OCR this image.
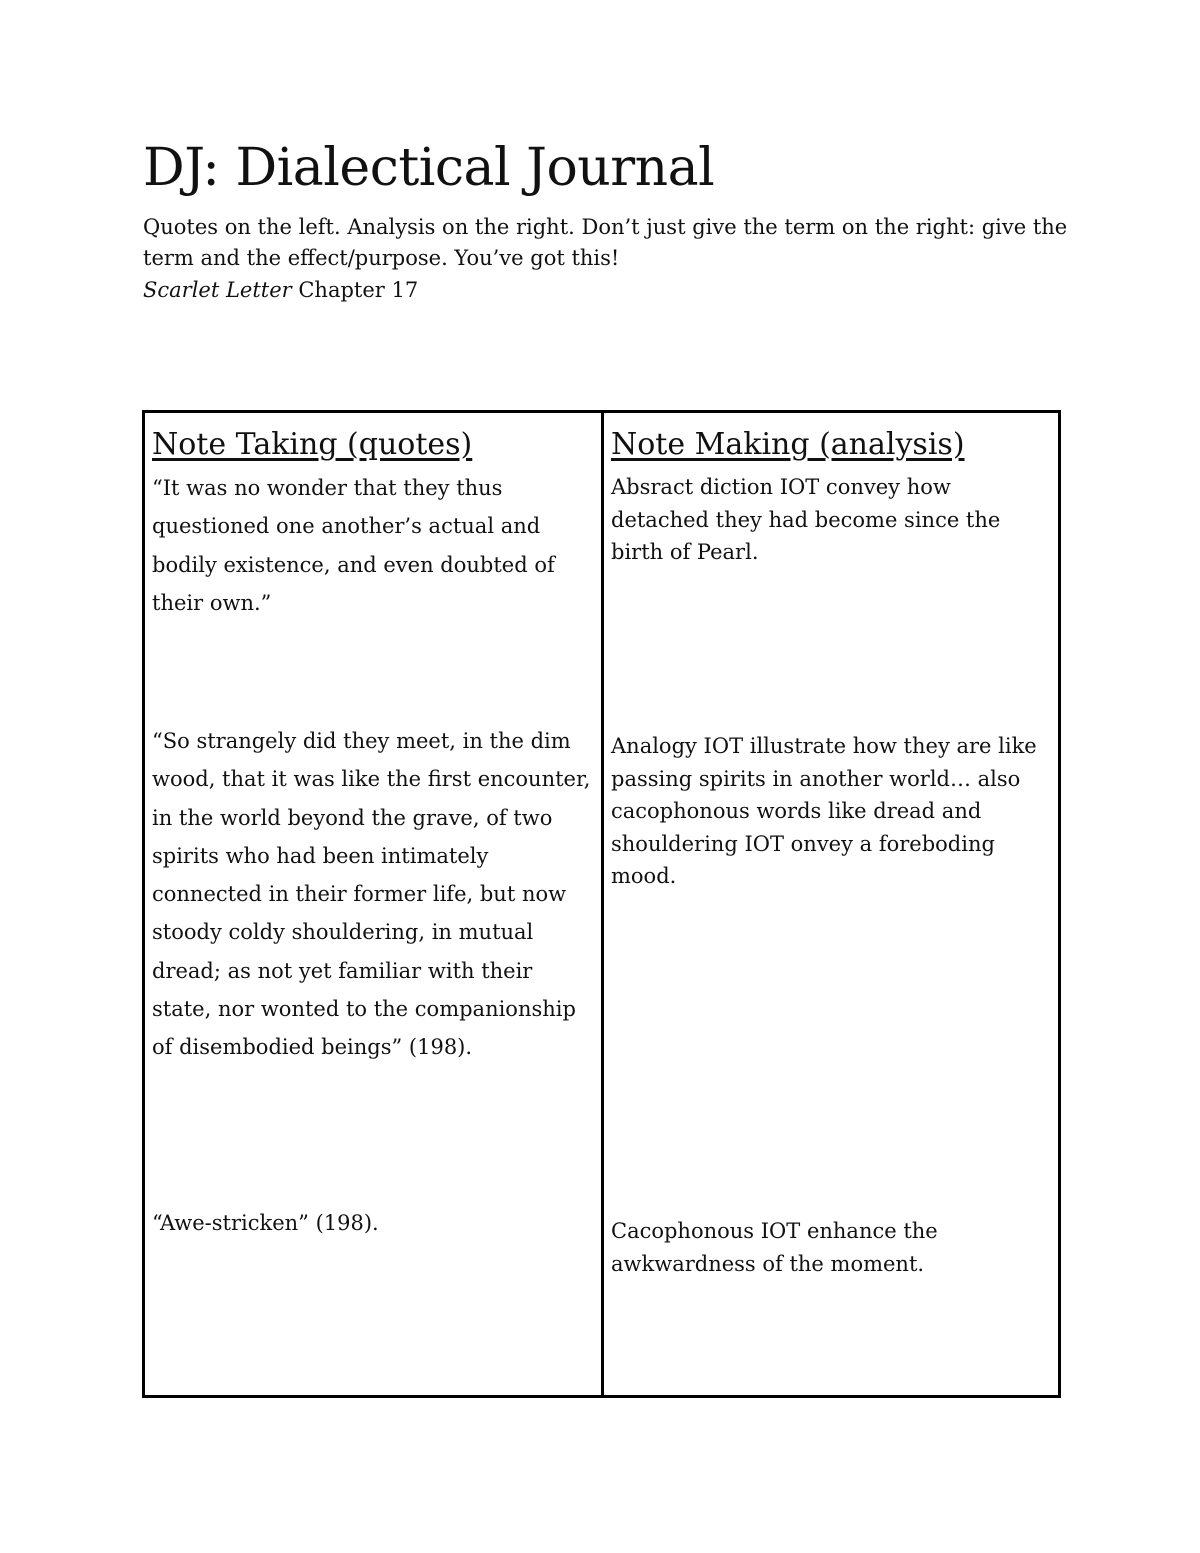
DJ: Dialectical Journal

Quotes on the left. Analysis on the right. Don’t just give the term on the right: give the term and the effect/purpose. You’ve got this!

Scarlet Letter Chapter 17
Note Taking (quotes)

“It was no wonder that they thus questioned one another’s actual and bodily existence, and even doubted of their own.”

“So strangely did they meet, in the dim wood, that it was like the first encounter, in the world beyond the grave, of two spirits who had been intimately connected in their former life, but now stoody coldy shouldering, in mutual dread; as not yet familiar with their state, nor wonted to the companionship of disembodied beings” (198).

“Awe-stricken” (198).

Note Making (analysis)

Absract diction IOT convey how detached they had become since the birth of Pearl.

Analogy IOT illustrate how they are like passing spirits in another world… also cacophonous words like dread and shouldering IOT onvey a foreboding mood.

Cacophonous IOT enhance the awkwardness of the moment.
